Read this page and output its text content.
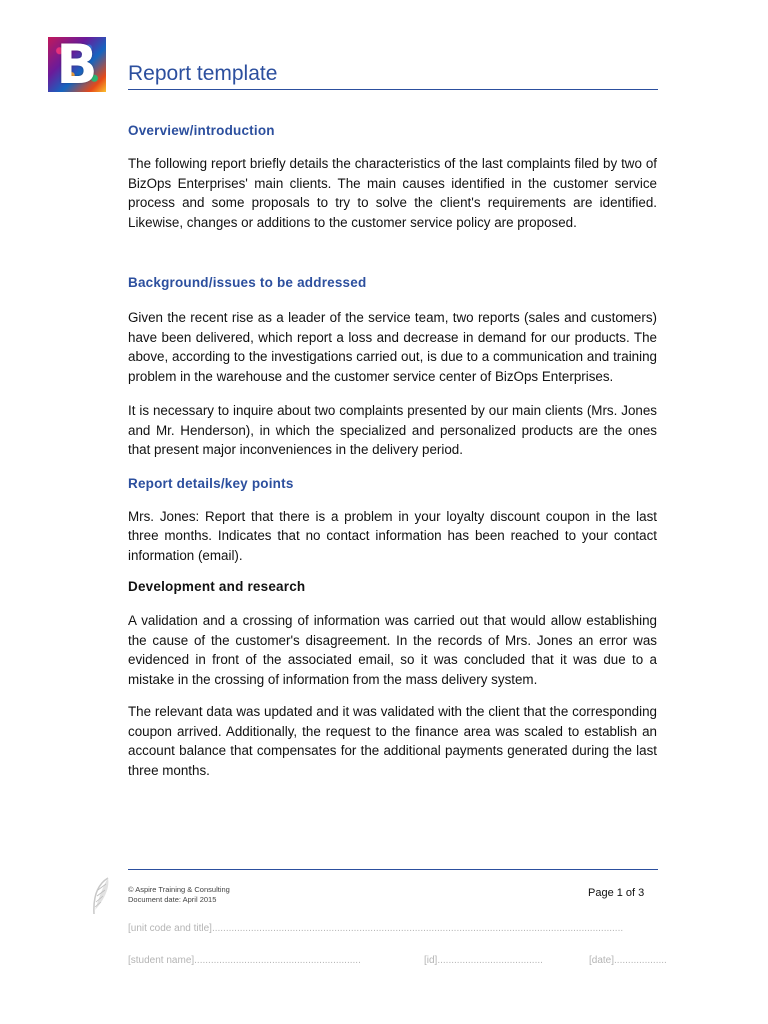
B	Report template
Overview/introduction

The following report briefly details the characteristics of the last complaints filed by two of BizOps Enterprises' main clients. The main causes identified in the customer service process and some proposals to try to solve the client's requirements are identified. Likewise, changes or additions to the customer service policy are proposed.

Background/issues to be addressed

Given the recent rise as a leader of the service team, two reports (sales and customers) have been delivered, which report a loss and decrease in demand for our products. The above, according to the investigations carried out, is due to a communication and training problem in the warehouse and the customer service center of BizOps Enterprises.

It is necessary to inquire about two complaints presented by our main clients (Mrs. Jones and Mr. Henderson), in which the specialized and personalized products are the ones that present major inconveniences in the delivery period.

Report details/key points

Mrs. Jones: Report that there is a problem in your loyalty discount coupon in the last three months. Indicates that no contact information has been reached to your contact information (email).

Development and research

A validation and a crossing of information was carried out that would allow establishing the cause of the customer's disagreement. In the records of Mrs. Jones an error was evidenced in front of the associated email, so it was concluded that it was due to a mistake in the crossing of information from the mass delivery system.

The relevant data was updated and it was validated with the client that the corresponding coupon arrived. Additionally, the request to the finance area was scaled to establish an account balance that compensates for the additional payments generated during the last three months.

© Aspire Training & Consulting
Document date: April 2015
Page 1 of 3
[unit code and title]....................................................................................................................................................
[student name]............................................................	[id]......................................	[date]...................
